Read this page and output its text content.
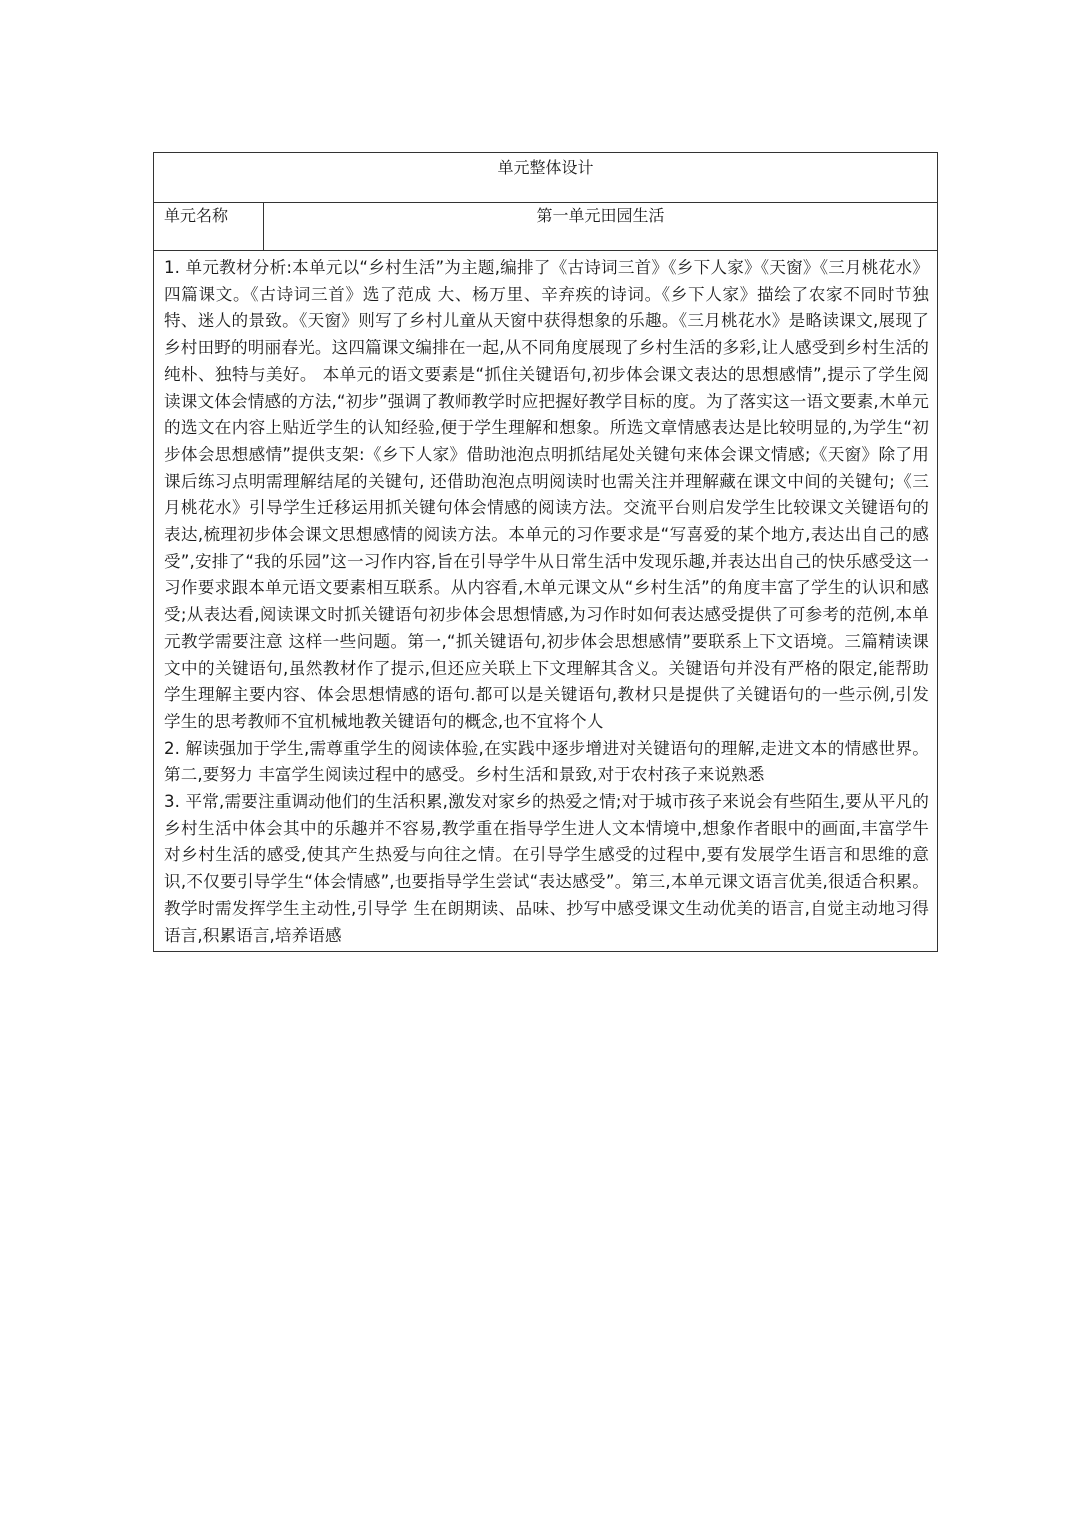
单元整体设计
单元名称	第一单元田园生活

1. 单元教材分析:本单元以“乡村生活”为主题,编排了《古诗词三首》《乡下人家》《天窗》《三月桃花水》四篇课文。《古诗词三首》选了范成 大、杨万里、辛弃疾的诗词。《乡下人家》描绘了农家不同时节独特、迷人的景致。《天窗》则写了乡村儿童从天窗中获得想象的乐趣。《三月桃花水》是略读课文,展现了乡村田野的明丽春光。这四篇课文编排在一起,从不同角度展现了乡村生活的多彩,让人感受到乡村生活的纯朴、独特与美好。 本单元的语文要素是“抓住关键语句,初步体会课文表达的思想感情”,提示了学生阅读课文体会情感的方法,“初步”强调了教师教学时应把握好教学目标的度。为了落实这一语文要素,木单元的选文在内容上贴近学生的认知经验,便于学生理解和想象。所选文章情感表达是比较明显的,为学生“初步体会思想感情”提供支架:《乡下人家》借助池泡点明抓结尾处关键句来体会课文情感;《天窗》除了用课后练习点明需理解结尾的关键句, 还借助泡泡点明阅读时也需关注并理解藏在课文中间的关键句;《三月桃花水》引导学生迁移运用抓关键句体会情感的阅读方法。交流平台则启发学生比较课文关键语句的表达,梳理初步体会课文思想感情的阅读方法。本单元的习作要求是“写喜爱的某个地方,表达出自己的感受”,安排了“我的乐园”这一习作内容,旨在引导学牛从日常生活中发现乐趣,并表达出自己的快乐感受这一习作要求跟本单元语文要素相互联系。从内容看,木单元课文从“乡村生活”的角度丰富了学生的认识和感受;从表达看,阅读课文时抓关键语句初步体会思想情感,为习作时如何表达感受提供了可参考的范例,本单元教学需要注意 这样一些问题。第一,“抓关键语句,初步体会思想感情”要联系上下文语境。三篇精读课文中的关键语句,虽然教材作了提示,但还应关联上下文理解其含义。关键语句并没有严格的限定,能帮助学生理解主要内容、体会思想情感的语句.都可以是关键语句,教材只是提供了关键语句的一些示例,引发学生的思考教师不宜机械地教关键语句的概念,也不宜将个人

2. 解读强加于学生,需尊重学生的阅读体验,在实践中逐步增进对关键语句的理解,走进文本的情感世界。第二,要努力 丰富学生阅读过程中的感受。乡村生活和景致,对于农村孩子来说熟悉

3. 平常,需要注重调动他们的生活积累,激发对家乡的热爱之情;对于城市孩子来说会有些陌生,要从平凡的乡村生活中体会其中的乐趣并不容易,教学重在指导学生进人文本情境中,想象作者眼中的画面,丰富学牛对乡村生活的感受,使其产生热爱与向往之情。在引导学生感受的过程中,要有发展学生语言和思维的意识,不仅要引导学生“体会情感”,也要指导学生尝试“表达感受”。第三,本单元课文语言优美,很适合积累。教学时需发挥学生主动性,引导学 生在朗期读、品味、抄写中感受课文生动优美的语言,自觉主动地习得语言,积累语言,培养语感
